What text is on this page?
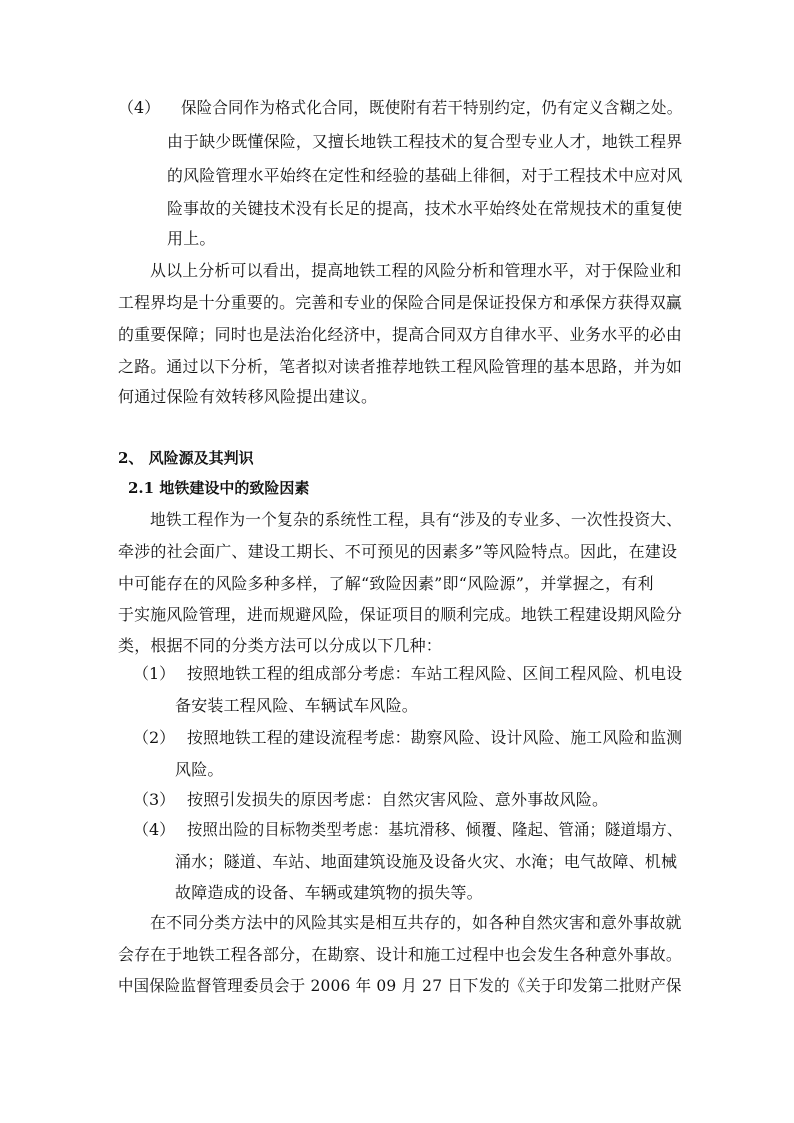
（4） 保险合同作为格式化合同，既使附有若干特别约定，仍有定义含糊之处。
由于缺少既懂保险，又擅长地铁工程技术的复合型专业人才，地铁工程界
的风险管理水平始终在定性和经验的基础上徘徊，对于工程技术中应对风
险事故的关键技术没有长足的提高，技术水平始终处在常规技术的重复使
用上。
从以上分析可以看出，提高地铁工程的风险分析和管理水平，对于保险业和
工程界均是十分重要的。完善和专业的保险合同是保证投保方和承保方获得双赢
的重要保障；同时也是法治化经济中，提高合同双方自律水平、业务水平的必由
之路。通过以下分析，笔者拟对读者推荐地铁工程风险管理的基本思路，并为如
何通过保险有效转移风险提出建议。
2、 风险源及其判识
2.1 地铁建设中的致险因素
地铁工程作为一个复杂的系统性工程，具有“涉及的专业多、一次性投资大、
牵涉的社会面广、建设工期长、不可预见的因素多”等风险特点。因此，在建设
中可能存在的风险多种多样，了解“致险因素”即“风险源”，并掌握之，有利
于实施风险管理，进而规避风险，保证项目的顺利完成。地铁工程建设期风险分
类，根据不同的分类方法可以分成以下几种：
（1） 按照地铁工程的组成部分考虑：车站工程风险、区间工程风险、机电设
备安装工程风险、车辆试车风险。
（2） 按照地铁工程的建设流程考虑：勘察风险、设计风险、施工风险和监测
风险。
（3） 按照引发损失的原因考虑：自然灾害风险、意外事故风险。
（4） 按照出险的目标物类型考虑：基坑滑移、倾覆、隆起、管涌；隧道塌方、
涌水；隧道、车站、地面建筑设施及设备火灾、水淹；电气故障、机械
故障造成的设备、车辆或建筑物的损失等。
在不同分类方法中的风险其实是相互共存的，如各种自然灾害和意外事故就
会存在于地铁工程各部分，在勘察、设计和施工过程中也会发生各种意外事故。
中国保险监督管理委员会于 2006 年 09 月 27 日下发的《关于印发第二批财产保
